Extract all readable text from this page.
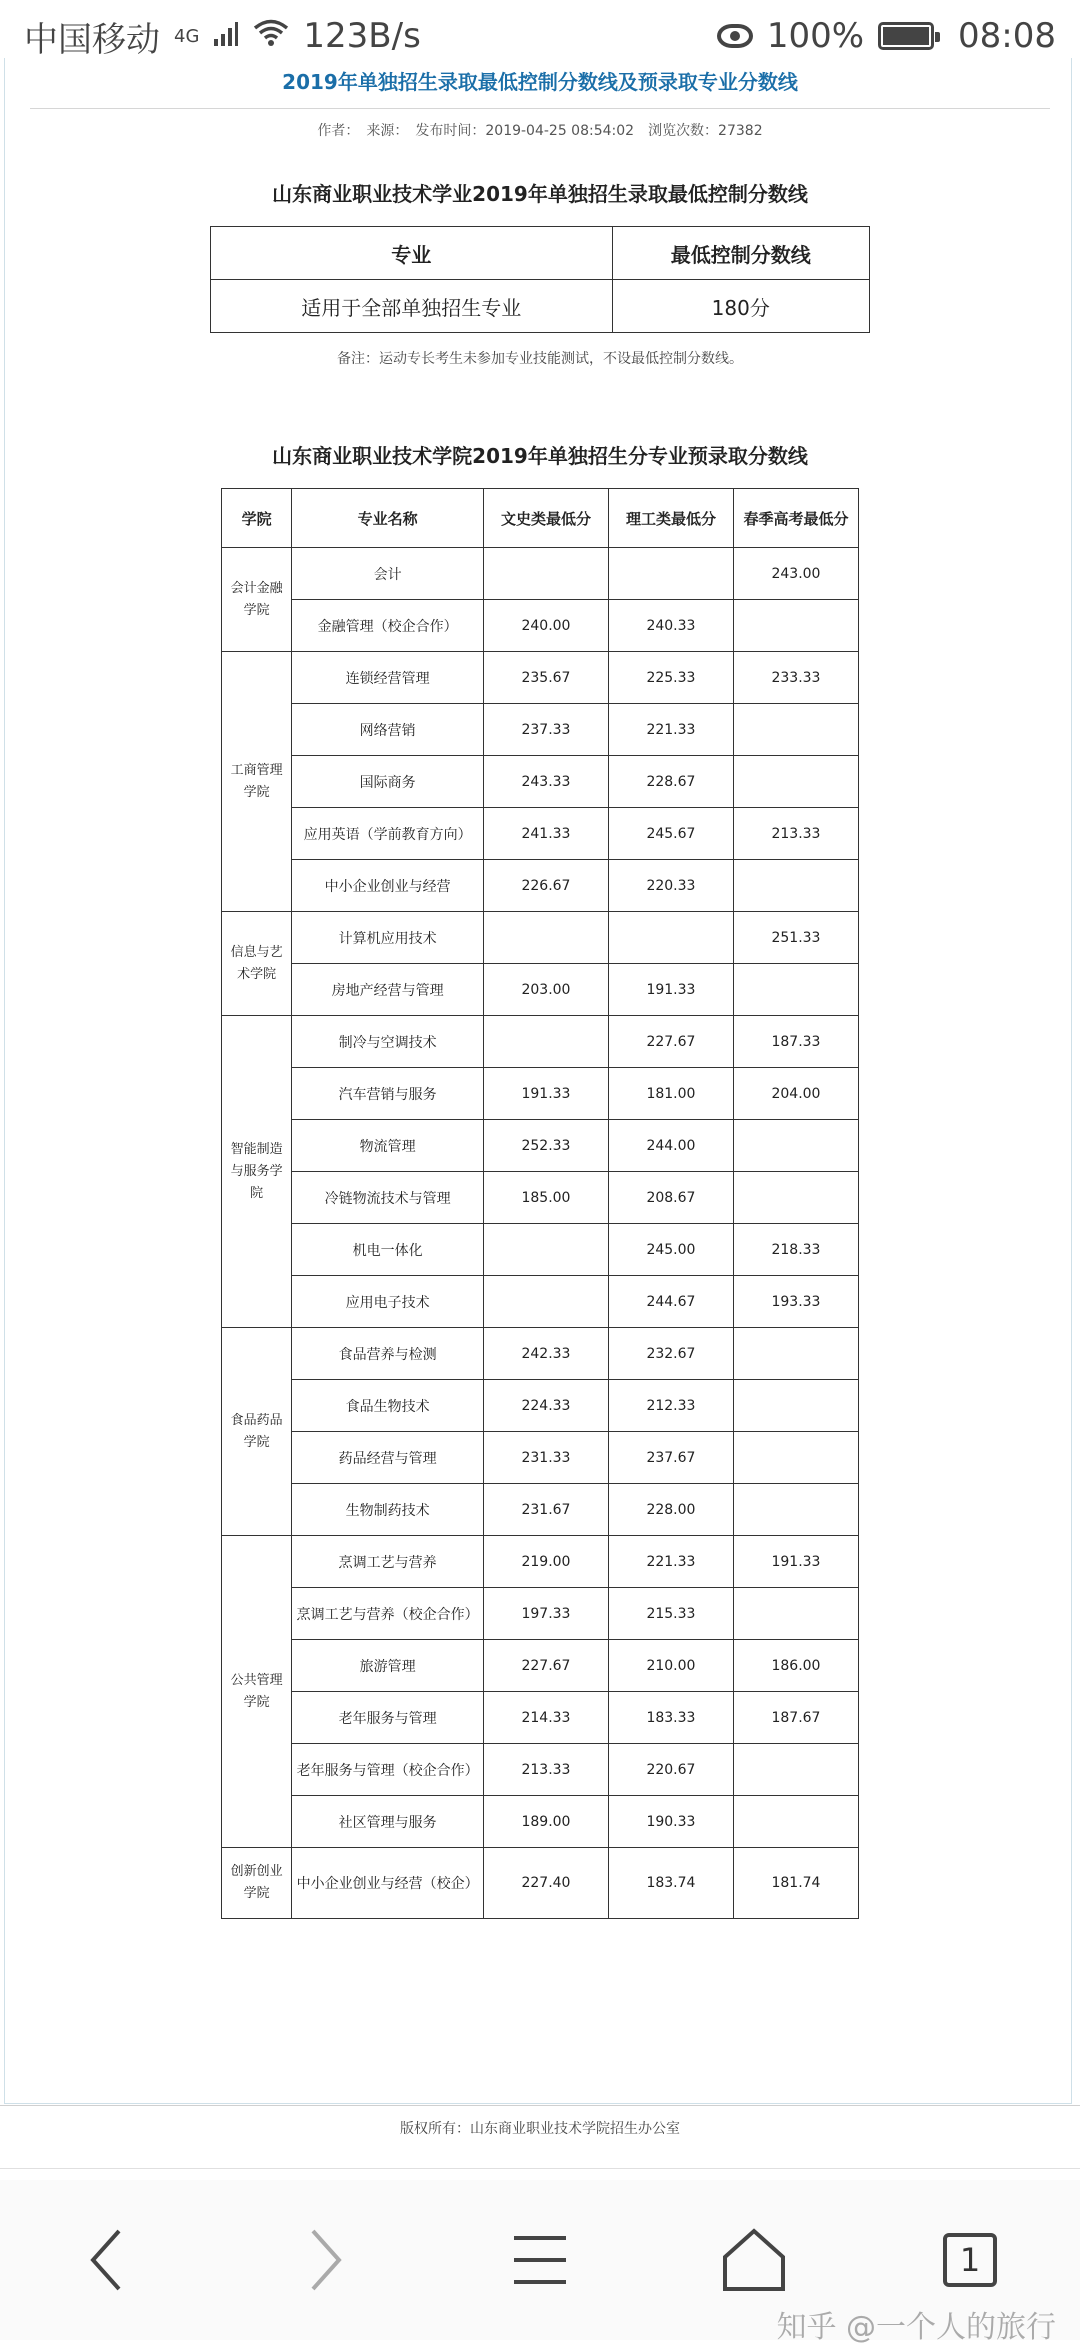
中国移动 4G	123B/s	100%	08:08
2019年单独招生录取最低控制分数线及预录取专业分数线
作者：　来源：　发布时间：2019-04-25 08:54:02　浏览次数：27382
山东商业职业技术学业2019年单独招生录取最低控制分数线
专业	最低控制分数线
适用于全部单独招生专业	180分
备注：运动专长考生未参加专业技能测试，不设最低控制分数线。
山东商业职业技术学院2019年单独招生分专业预录取分数线
学院	专业名称	文史类最低分	理工类最低分	春季高考最低分
会计金融学院	会计			243.00
	金融管理（校企合作）	240.00	240.33	
工商管理学院	连锁经营管理	235.67	225.33	233.33
	网络营销	237.33	221.33	
	国际商务	243.33	228.67	
	应用英语（学前教育方向）	241.33	245.67	213.33
	中小企业创业与经营	226.67	220.33	
信息与艺术学院	计算机应用技术			251.33
	房地产经营与管理	203.00	191.33	
智能制造与服务学院	制冷与空调技术		227.67	187.33
	汽车营销与服务	191.33	181.00	204.00
	物流管理	252.33	244.00	
	冷链物流技术与管理	185.00	208.67	
	机电一体化		245.00	218.33
	应用电子技术		244.67	193.33
食品药品学院	食品营养与检测	242.33	232.67	
	食品生物技术	224.33	212.33	
	药品经营与管理	231.33	237.67	
	生物制药技术	231.67	228.00	
公共管理学院	烹调工艺与营养	219.00	221.33	191.33
	烹调工艺与营养（校企合作）	197.33	215.33	
	旅游管理	227.67	210.00	186.00
	老年服务与管理	214.33	183.33	187.67
	老年服务与管理（校企合作）	213.33	220.67	
	社区管理与服务	189.00	190.33	
创新创业学院	中小企业创业与经营（校企）	227.40	183.74	181.74
版权所有：山东商业职业技术学院招生办公室
1
知乎 @一个人的旅行
